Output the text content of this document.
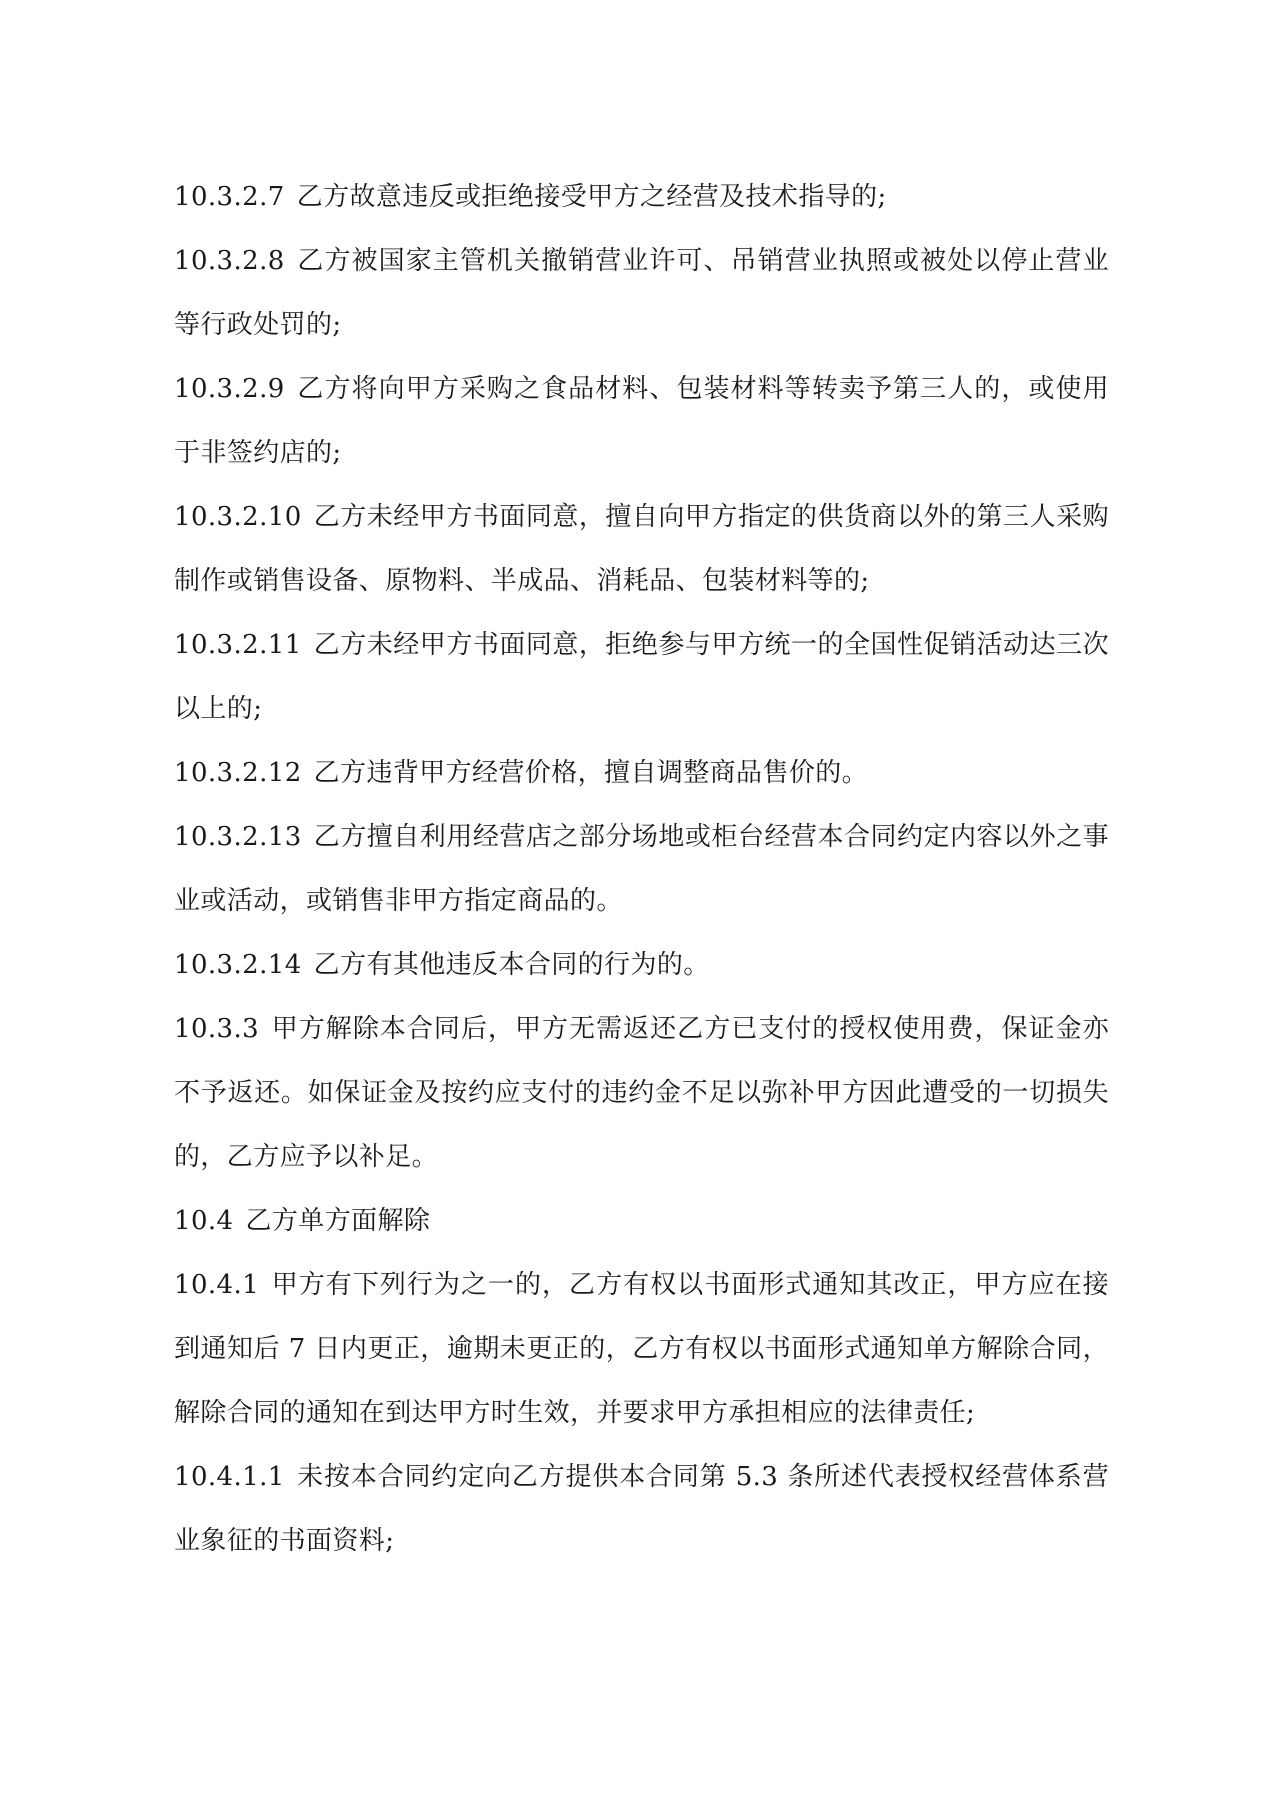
10.3.2.7 乙方故意违反或拒绝接受甲方之经营及技术指导的;

10.3.2.8 乙方被国家主管机关撤销营业许可、吊销营业执照或被处以停止营业等行政处罚的;

10.3.2.9 乙方将向甲方采购之食品材料、包装材料等转卖予第三人的，或使用于非签约店的;

10.3.2.10 乙方未经甲方书面同意，擅自向甲方指定的供货商以外的第三人采购制作或销售设备、原物料、半成品、消耗品、包装材料等的;

10.3.2.11 乙方未经甲方书面同意，拒绝参与甲方统一的全国性促销活动达三次以上的;

10.3.2.12 乙方违背甲方经营价格，擅自调整商品售价的。

10.3.2.13 乙方擅自利用经营店之部分场地或柜台经营本合同约定内容以外之事业或活动，或销售非甲方指定商品的。

10.3.2.14 乙方有其他违反本合同的行为的。

10.3.3 甲方解除本合同后，甲方无需返还乙方已支付的授权使用费，保证金亦不予返还。如保证金及按约应支付的违约金不足以弥补甲方因此遭受的一切损失的，乙方应予以补足。

10.4 乙方单方面解除

10.4.1 甲方有下列行为之一的，乙方有权以书面形式通知其改正，甲方应在接到通知后 7 日内更正，逾期未更正的，乙方有权以书面形式通知单方解除合同，解除合同的通知在到达甲方时生效，并要求甲方承担相应的法律责任;

10.4.1.1 未按本合同约定向乙方提供本合同第 5.3 条所述代表授权经营体系营业象征的书面资料;
